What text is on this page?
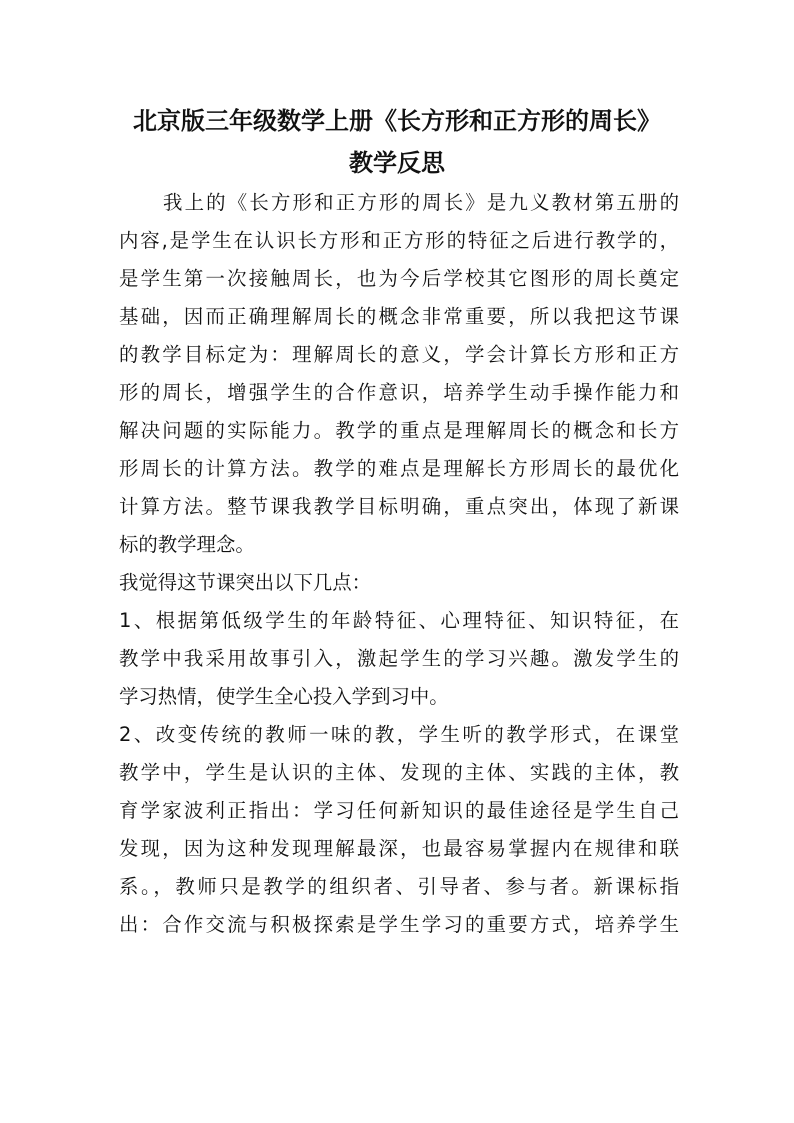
北京版三年级数学上册《长方形和正方形的周长》
教学反思
我上的《长方形和正方形的周长》是九义教材第五册的
内容,是学生在认识长方形和正方形的特征之后进行教学的，
是学生第一次接触周长，也为今后学校其它图形的周长奠定
基础，因而正确理解周长的概念非常重要，所以我把这节课
的教学目标定为：理解周长的意义，学会计算长方形和正方
形的周长，增强学生的合作意识，培养学生动手操作能力和
解决问题的实际能力。教学的重点是理解周长的概念和长方
形周长的计算方法。教学的难点是理解长方形周长的最优化
计算方法。整节课我教学目标明确，重点突出，体现了新课
标的教学理念。
我觉得这节课突出以下几点：
1、根据第低级学生的年龄特征、心理特征、知识特征，在
教学中我采用故事引入，激起学生的学习兴趣。激发学生的
学习热情，使学生全心投入学到习中。
2、改变传统的教师一味的教，学生听的教学形式，在课堂
教学中，学生是认识的主体、发现的主体、实践的主体，教
育学家波利正指出：学习任何新知识的最佳途径是学生自己
发现，因为这种发现理解最深，也最容易掌握内在规律和联
系。，教师只是教学的组织者、引导者、参与者。新课标指
出：合作交流与积极探索是学生学习的重要方式，培养学生
